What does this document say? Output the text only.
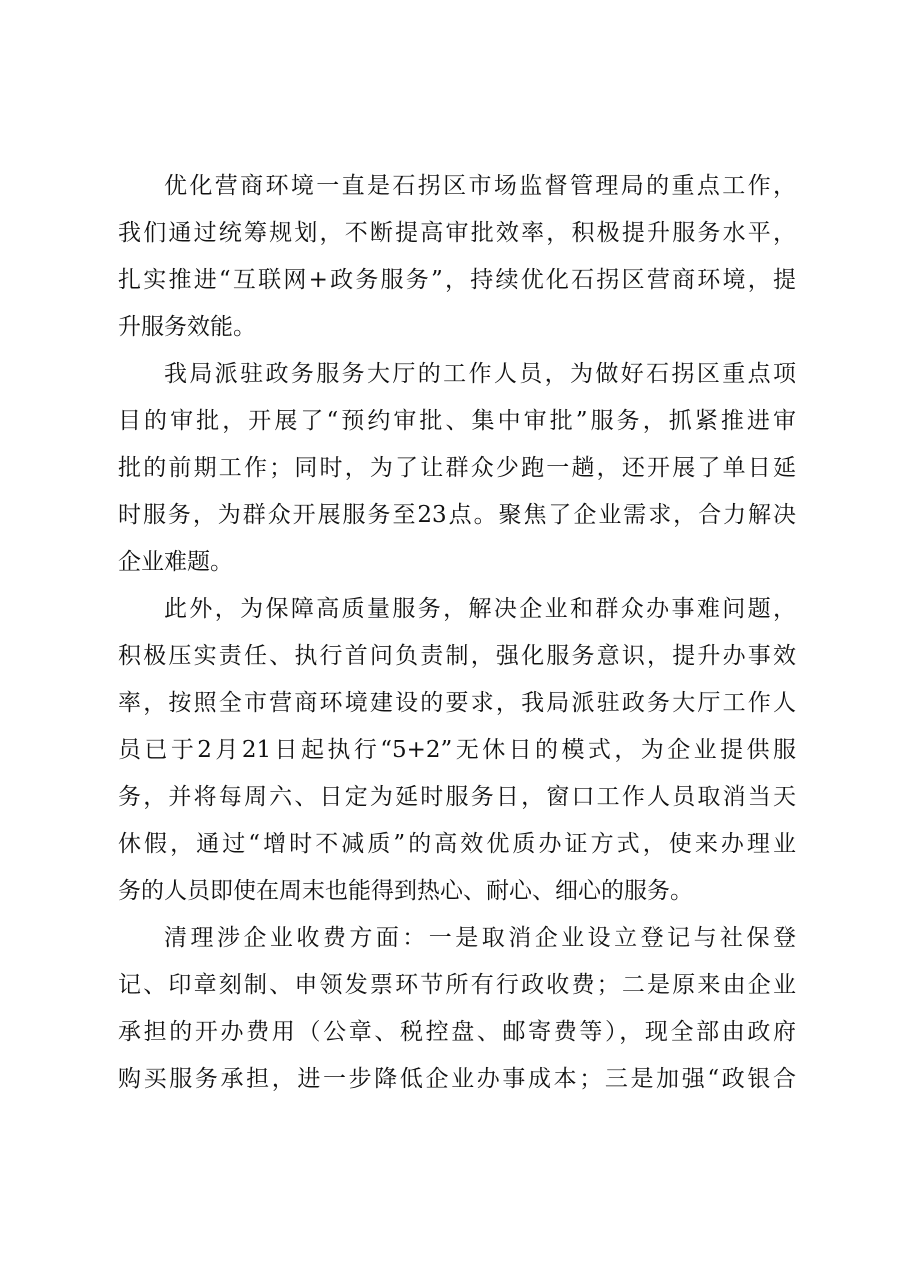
优化营商环境一直是石拐区市场监督管理局的重点工作，
我们通过统筹规划，不断提高审批效率，积极提升服务水平，
扎实推进“互联网+政务服务”，持续优化石拐区营商环境，提
升服务效能。

我局派驻政务服务大厅的工作人员，为做好石拐区重点项
目的审批，开展了“预约审批、集中审批”服务，抓紧推进审
批的前期工作；同时，为了让群众少跑一趟，还开展了单日延
时服务，为群众开展服务至23点。聚焦了企业需求，合力解决
企业难题。

此外，为保障高质量服务，解决企业和群众办事难问题，
积极压实责任、执行首问负责制，强化服务意识，提升办事效
率，按照全市营商环境建设的要求，我局派驻政务大厅工作人
员已于2月21日起执行“5+2”无休日的模式，为企业提供服
务，并将每周六、日定为延时服务日，窗口工作人员取消当天
休假，通过“增时不减质”的高效优质办证方式，使来办理业
务的人员即使在周末也能得到热心、耐心、细心的服务。

清理涉企业收费方面：一是取消企业设立登记与社保登
记、印章刻制、申领发票环节所有行政收费；二是原来由企业
承担的开办费用（公章、税控盘、邮寄费等），现全部由政府
购买服务承担，进一步降低企业办事成本；三是加强“政银合
